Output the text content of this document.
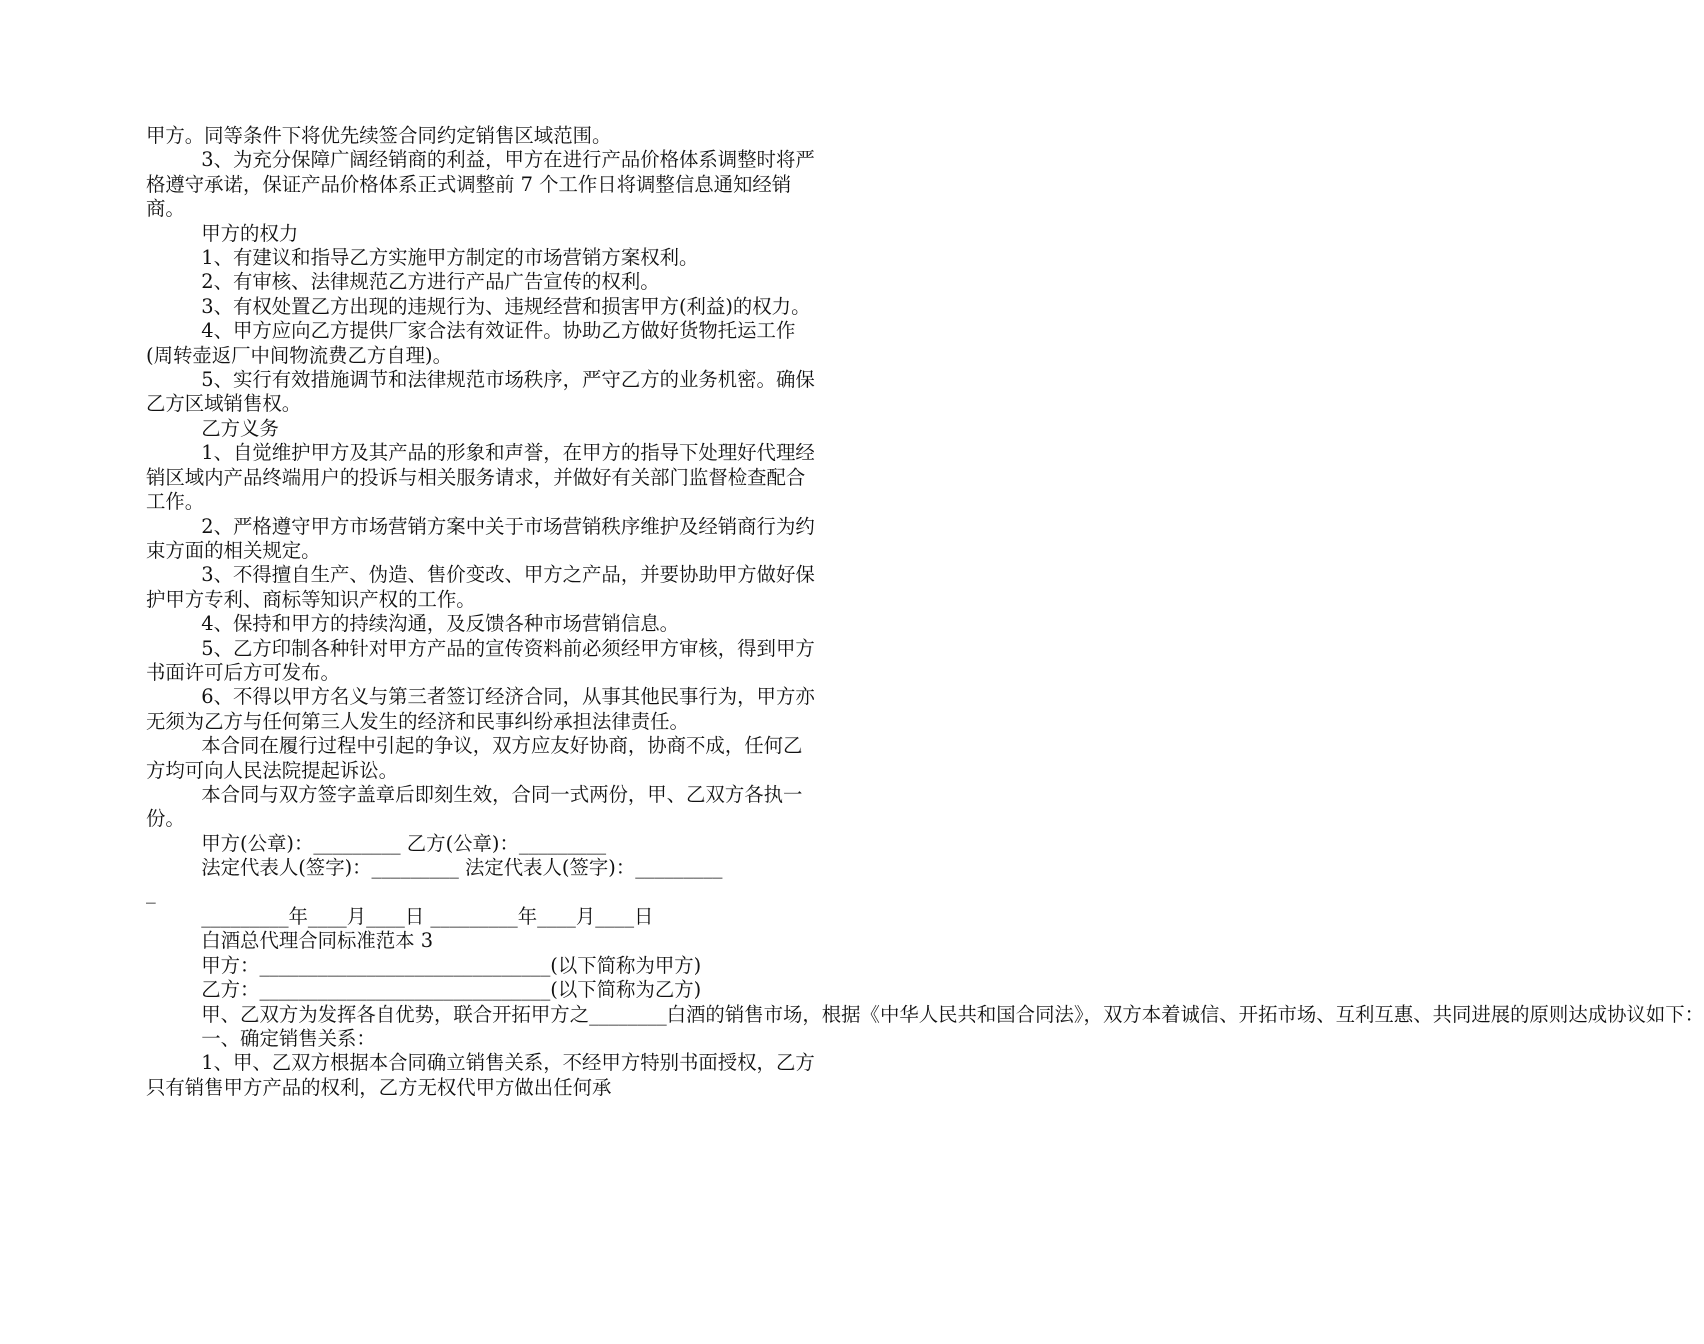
甲方。同等条件下将优先续签合同约定销售区域范围。

3、为充分保障广阔经销商的利益，甲方在进行产品价格体系调整时将严格遵守承诺，保证产品价格体系正式调整前 7 个工作日将调整信息通知经销商。

甲方的权力

1、有建议和指导乙方实施甲方制定的市场营销方案权利。

2、有审核、法律规范乙方进行产品广告宣传的权利。

3、有权处置乙方出现的违规行为、违规经营和损害甲方(利益)的权力。

4、甲方应向乙方提供厂家合法有效证件。协助乙方做好货物托运工作(周转壶返厂中间物流费乙方自理)。

5、实行有效措施调节和法律规范市场秩序，严守乙方的业务机密。确保乙方区域销售权。

乙方义务

1、自觉维护甲方及其产品的形象和声誉，在甲方的指导下处理好代理经销区域内产品终端用户的投诉与相关服务请求，并做好有关部门监督检查配合工作。

2、严格遵守甲方市场营销方案中关于市场营销秩序维护及经销商行为约束方面的相关规定。

3、不得擅自生产、伪造、售价变改、甲方之产品，并要协助甲方做好保护甲方专利、商标等知识产权的工作。

4、保持和甲方的持续沟通，及反馈各种市场营销信息。

5、乙方印制各种针对甲方产品的宣传资料前必须经甲方审核，得到甲方书面许可后方可发布。

6、不得以甲方名义与第三者签订经济合同，从事其他民事行为，甲方亦无须为乙方与任何第三人发生的经济和民事纠纷承担法律责任。

本合同在履行过程中引起的争议，双方应友好协商，协商不成，任何乙方均可向人民法院提起诉讼。

本合同与双方签字盖章后即刻生效，合同一式两份，甲、乙双方各执一份。

甲方(公章)：_________ 乙方(公章)：_________

法定代表人(签字)：_________ 法定代表人(签字)：_________

_

_________年____月____日 _________年____月____日

白酒总代理合同标准范本 3

甲方：______________________________(以下简称为甲方)

乙方：______________________________(以下简称为乙方)

甲、乙双方为发挥各自优势，联合开拓甲方之________白酒的销售市场，根据《中华人民共和国合同法》，双方本着诚信、开拓市场、互利互惠、共同进展的原则达成协议如下：

一、确定销售关系：

1、甲、乙双方根据本合同确立销售关系，不经甲方特别书面授权，乙方只有销售甲方产品的权利，乙方无权代甲方做出任何承
